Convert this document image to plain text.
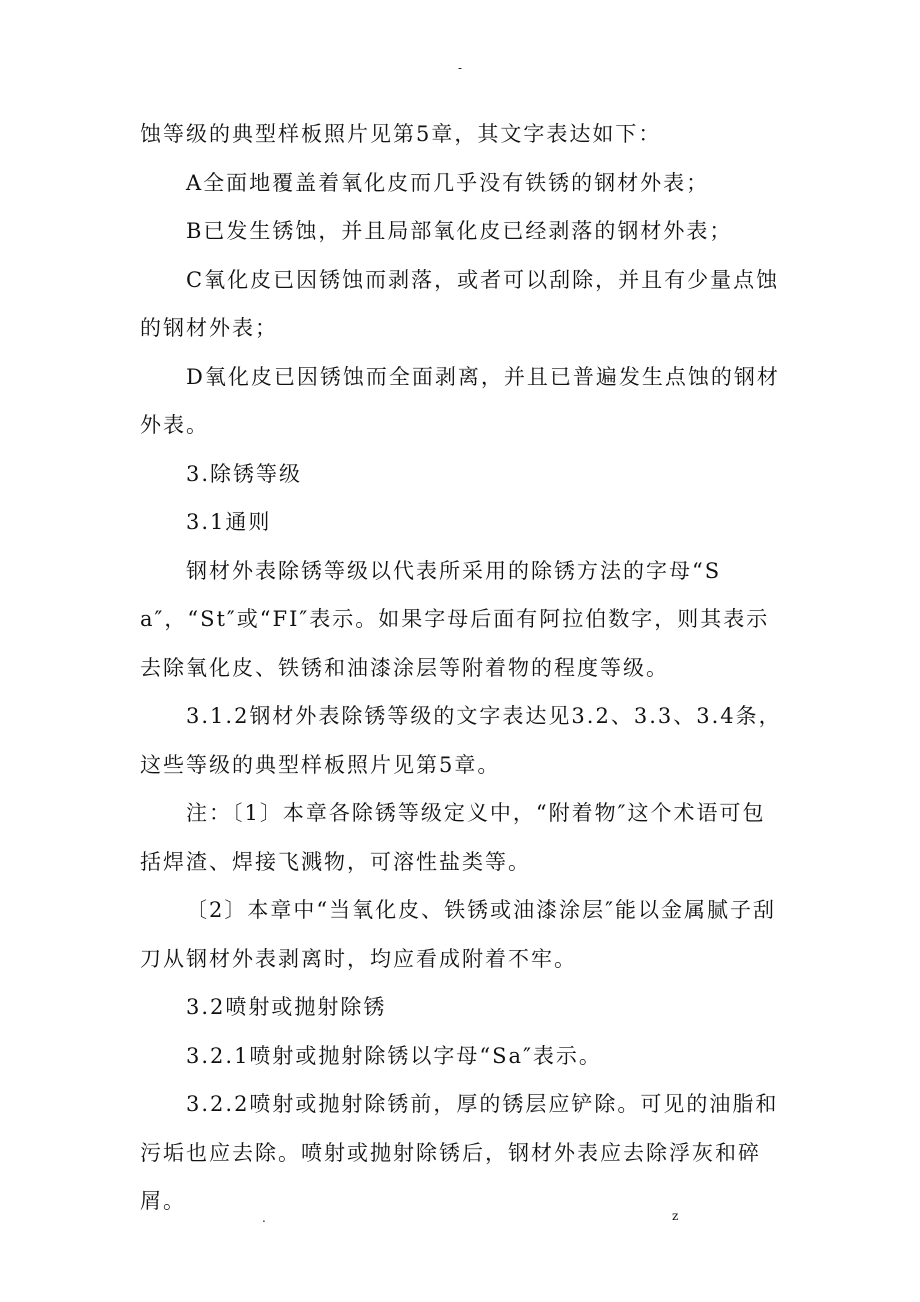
-

蚀等级的典型样板照片见第5章，其文字表达如下：

A全面地覆盖着氧化皮而几乎没有铁锈的钢材外表；

B已发生锈蚀，并且局部氧化皮已经剥落的钢材外表；

C氧化皮已因锈蚀而剥落，或者可以刮除，并且有少量点蚀的钢材外表；

D氧化皮已因锈蚀而全面剥离，并且已普遍发生点蚀的钢材外表。

3.除锈等级

3.1通则

钢材外表除锈等级以代表所采用的除锈方法的字母“Sa″，“St″或“FI″表示。如果字母后面有阿拉伯数字，则其表示去除氧化皮、铁锈和油漆涂层等附着物的程度等级。

3.1.2钢材外表除锈等级的文字表达见3.2、3.3、3.4条，这些等级的典型样板照片见第5章。

注：〔1〕本章各除锈等级定义中，“附着物″这个术语可包括焊渣、焊接飞溅物，可溶性盐类等。

〔2〕本章中“当氧化皮、铁锈或油漆涂层″能以金属腻子刮刀从钢材外表剥离时，均应看成附着不牢。

3.2喷射或抛射除锈

3.2.1喷射或抛射除锈以字母“Sa″表示。

3.2.2喷射或抛射除锈前，厚的锈层应铲除。可见的油脂和污垢也应去除。喷射或抛射除锈后，钢材外表应去除浮灰和碎屑。

.	z
